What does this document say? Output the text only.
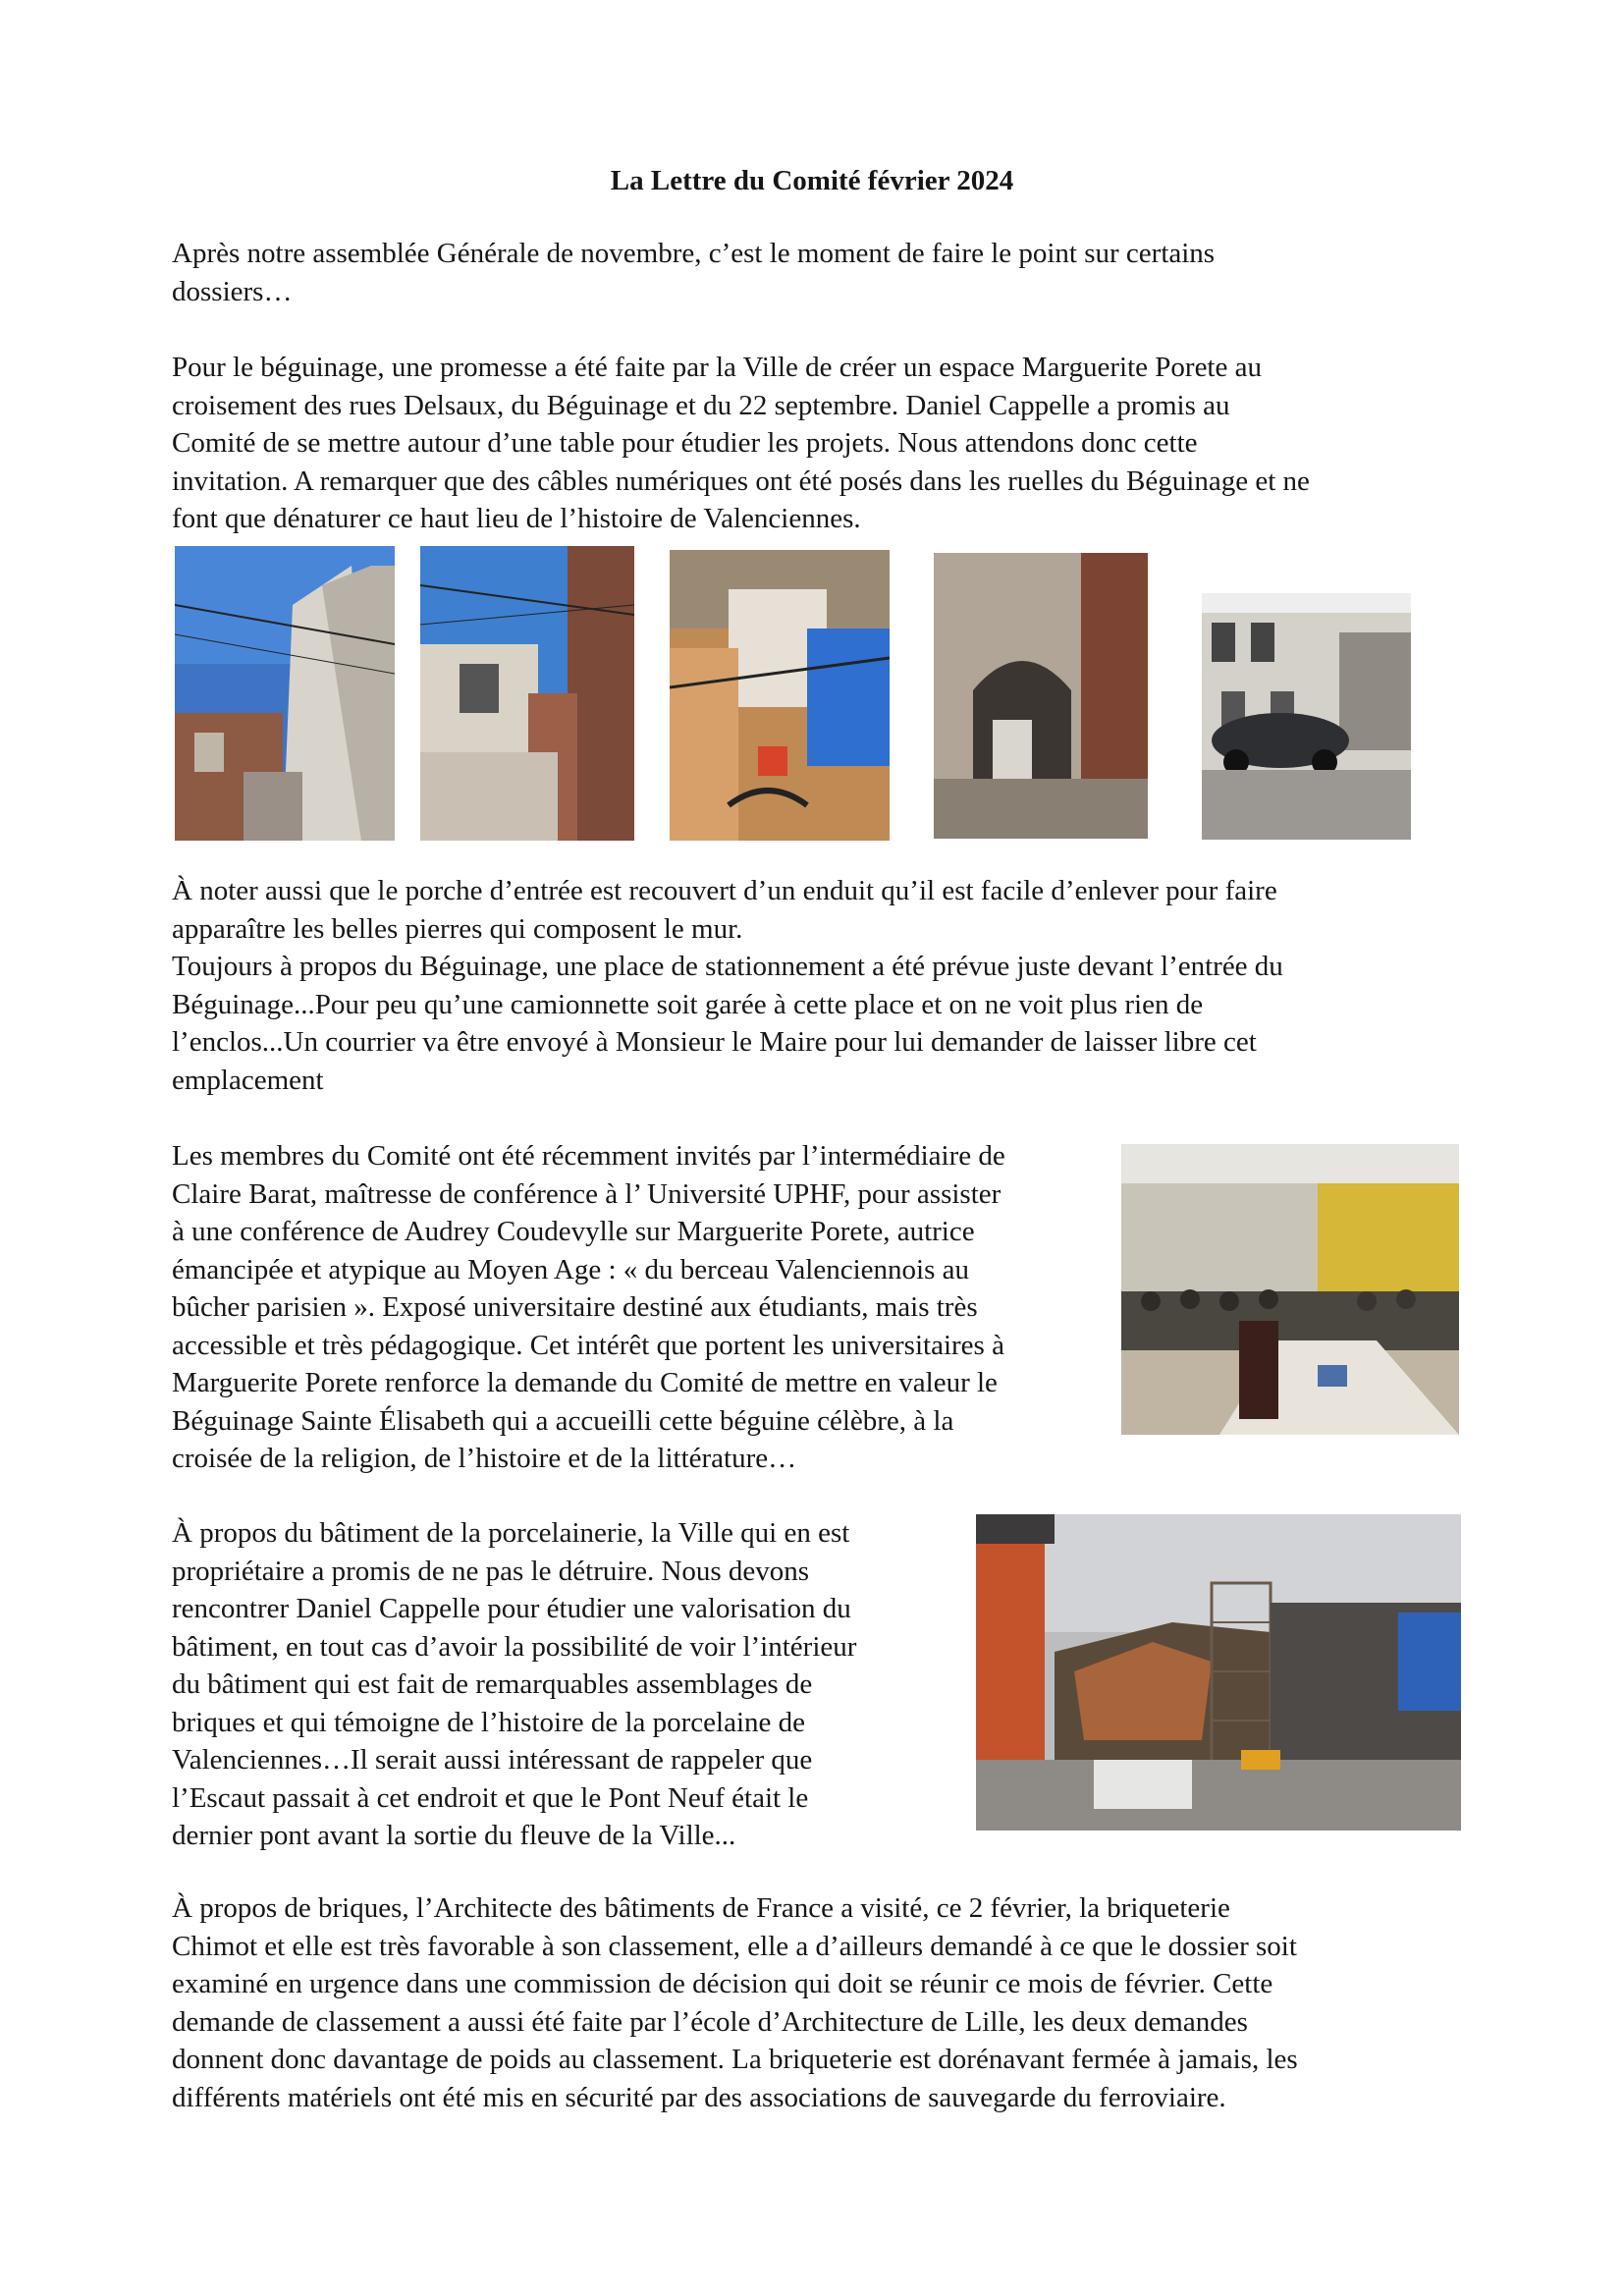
La Lettre du Comité février 2024
Après notre assemblée Générale de novembre, c’est le moment de faire le point sur certains
dossiers…
Pour le béguinage, une promesse a été faite par la Ville de créer un espace Marguerite Porete au
croisement des rues Delsaux, du Béguinage et du 22 septembre. Daniel Cappelle a promis au
Comité de se mettre autour d’une table pour étudier les projets. Nous attendons donc cette
invitation. A remarquer que des câbles numériques ont été posés dans les ruelles du Béguinage et ne
font que dénaturer ce haut lieu de l’histoire de Valenciennes.
À noter aussi que le porche d’entrée est recouvert d’un enduit qu’il est facile d’enlever pour faire
apparaître les belles pierres qui composent le mur.
Toujours à propos du Béguinage, une place de stationnement a été prévue juste devant l’entrée du
Béguinage...Pour peu qu’une camionnette soit garée à cette place et on ne voit plus rien de
l’enclos...Un courrier va être envoyé à Monsieur le Maire pour lui demander de laisser libre cet
emplacement
Les membres du Comité ont été récemment invités par l’intermédiaire de
Claire Barat, maîtresse de conférence à l’ Université UPHF, pour assister
à une conférence de Audrey Coudevylle sur Marguerite Porete, autrice
émancipée et atypique au Moyen Age : « du berceau Valenciennois au
bûcher parisien ». Exposé universitaire destiné aux étudiants, mais très
accessible et très pédagogique. Cet intérêt que portent les universitaires à
Marguerite Porete renforce la demande du Comité de mettre en valeur le
Béguinage Sainte Élisabeth qui a accueilli cette béguine célèbre, à la
croisée de la religion, de l’histoire et de la littérature…
À propos du bâtiment de la porcelainerie, la Ville qui en est
propriétaire a promis de ne pas le détruire. Nous devons
rencontrer Daniel Cappelle pour étudier une valorisation du
bâtiment, en tout cas d’avoir la possibilité de voir l’intérieur
du bâtiment qui est fait de remarquables assemblages de
briques et qui témoigne de l’histoire de la porcelaine de
Valenciennes…Il serait aussi intéressant de rappeler que
l’Escaut passait à cet endroit et que le Pont Neuf était le
dernier pont avant la sortie du fleuve de la Ville...
À propos de briques, l’Architecte des bâtiments de France a visité, ce 2 février, la briqueterie
Chimot et elle est très favorable à son classement, elle a d’ailleurs demandé à ce que le dossier soit
examiné en urgence dans une commission de décision qui doit se réunir ce mois de février. Cette
demande de classement a aussi été faite par l’école d’Architecture de Lille, les deux demandes
donnent donc davantage de poids au classement. La briqueterie est dorénavant fermée à jamais, les
différents matériels ont été mis en sécurité par des associations de sauvegarde du ferroviaire.
